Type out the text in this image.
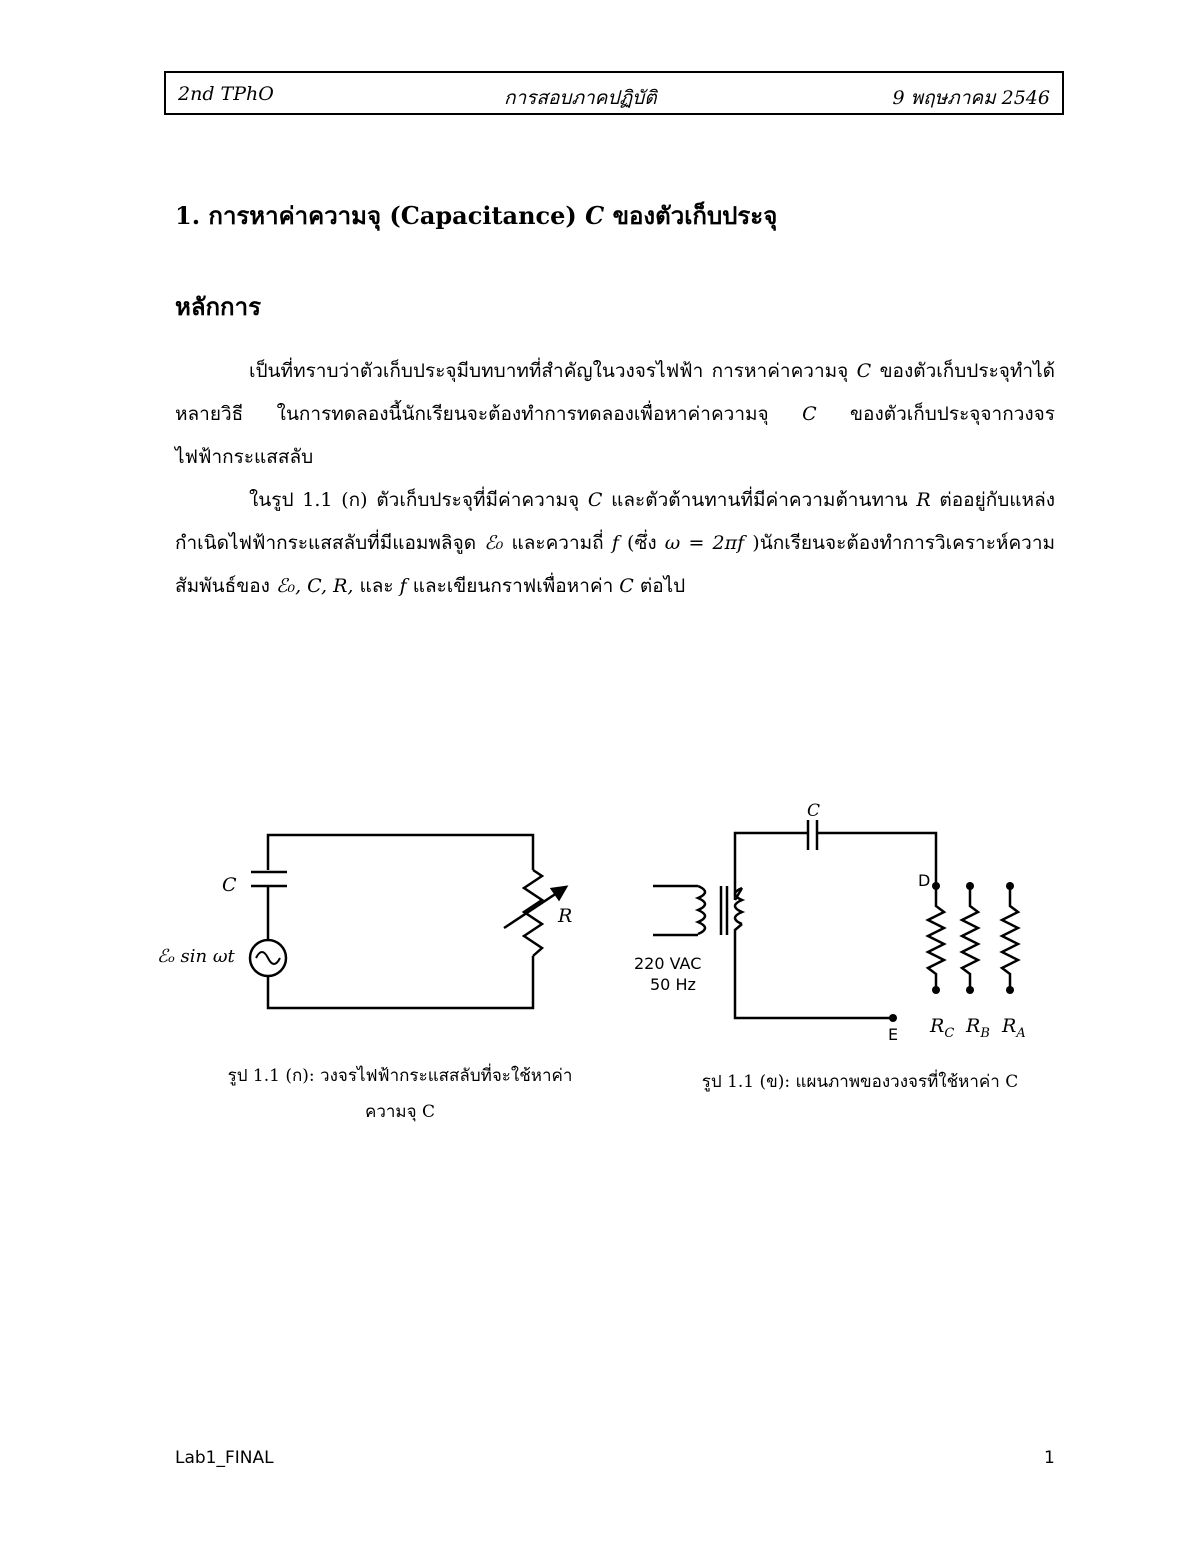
2nd TPhO	การสอบภาคปฏิบัติ	9 พฤษภาคม 2546
1. การหาค่าความจุ (Capacitance) C ของตัวเก็บประจุ
หลักการ
เป็นที่ทราบว่าตัวเก็บประจุมีบทบาทที่สำคัญในวงจรไฟฟ้า การหาค่าความจุ C ของตัวเก็บประจุทำได้หลายวิธี ในการทดลองนี้นักเรียนจะต้องทำการทดลองเพื่อหาค่าความจุ C ของตัวเก็บประจุจากวงจรไฟฟ้ากระแสสลับ
ในรูป 1.1 (ก) ตัวเก็บประจุที่มีค่าความจุ C และตัวต้านทานที่มีค่าความต้านทาน R ต่ออยู่กับแหล่งกำเนิดไฟฟ้ากระแสสลับที่มีแอมพลิจูด ℰ₀ และความถี่ f (ซึ่ง ω = 2πf )นักเรียนจะต้องทำการวิเคราะห์ความสัมพันธ์ของ ℰ₀, C, R, และ f และเขียนกราฟเพื่อหาค่า C ต่อไป
C
R
ℰₒ sin ωt
C
D
E
220 VAC
50 Hz
$R_C$ $R_B$ $R_A$
รูป 1.1 (ก): วงจรไฟฟ้ากระแสสลับที่จะใช้หาค่า
ความจุ C
รูป 1.1 (ข): แผนภาพของวงจรที่ใช้หาค่า C
Lab1_FINAL	1
